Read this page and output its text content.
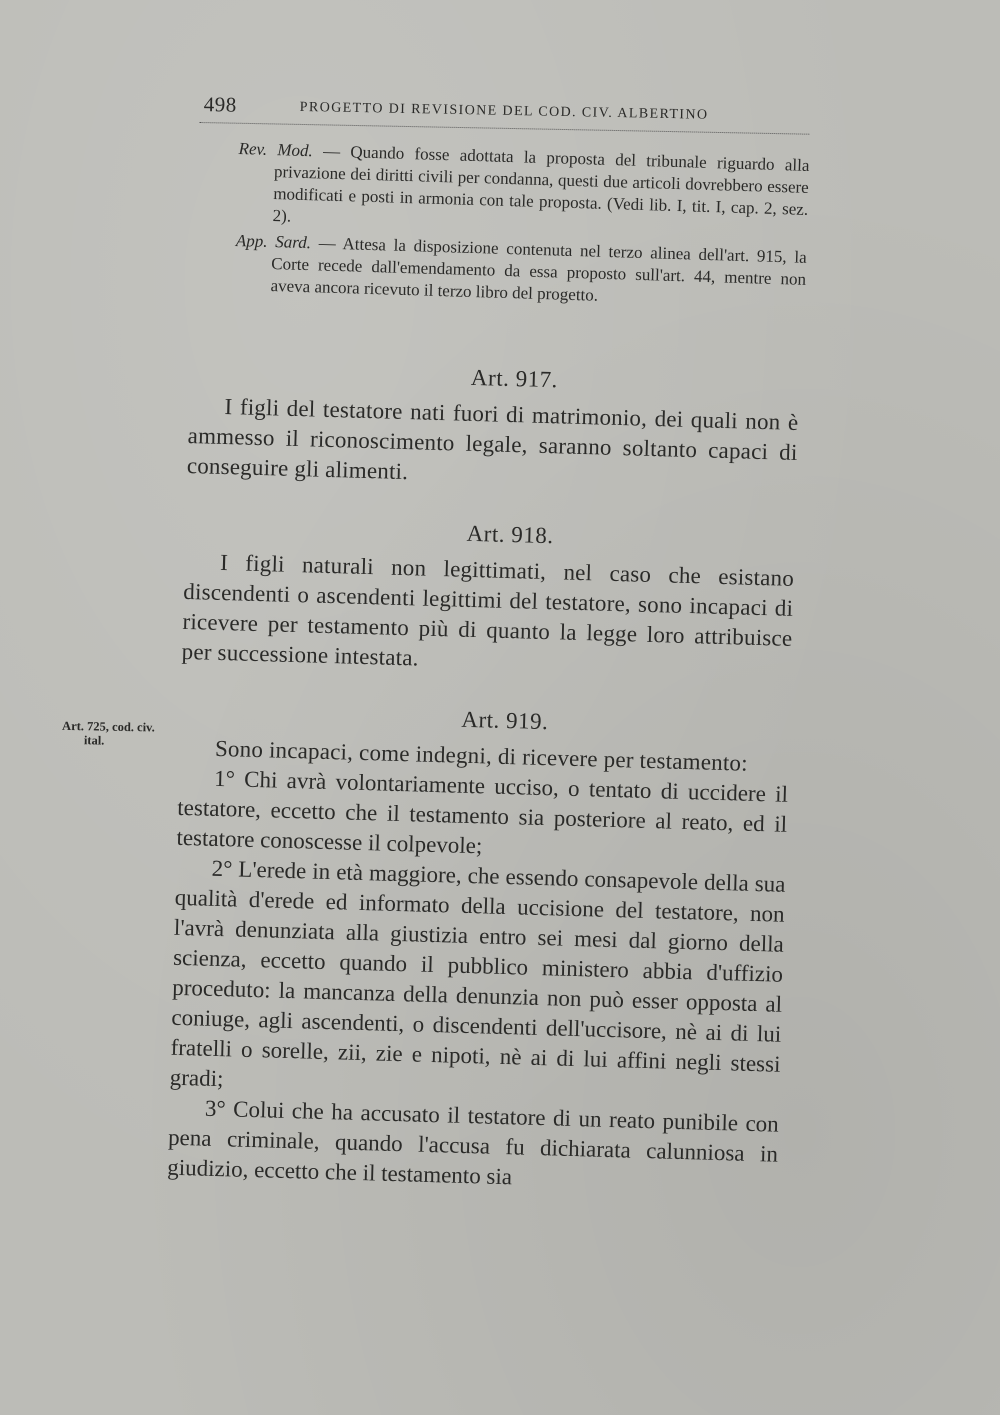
498	PROGETTO DI REVISIONE DEL COD. CIV. ALBERTINO

Rev. Mod. — Quando fosse adottata la proposta del tribunale riguardo alla privazione dei diritti civili per condanna, questi due articoli dovrebbero essere modificati e posti in armonia con tale proposta. (Vedi lib. I, tit. I, cap. 2, sez. 2).

App. Sard. — Attesa la disposizione contenuta nel terzo alinea dell'art. 915, la Corte recede dall'emendamento da essa proposto sull'art. 44, mentre non aveva ancora ricevuto il terzo libro del progetto.

Art. 725, cod. civ.
ital.
Art. 917.

I figli del testatore nati fuori di matrimonio, dei quali non è ammesso il riconoscimento legale, saranno soltanto capaci di conseguire gli alimenti.

Art. 918.

I figli naturali non legittimati, nel caso che esistano discendenti o ascendenti legittimi del testatore, sono incapaci di ricevere per testamento più di quanto la legge loro attribuisce per successione intestata.

Art. 919.

Sono incapaci, come indegni, di ricevere per testamento:

1° Chi avrà volontariamente ucciso, o tentato di uccidere il testatore, eccetto che il testamento sia posteriore al reato, ed il testatore conoscesse il colpevole;

2° L'erede in età maggiore, che essendo consapevole della sua qualità d'erede ed informato della uccisione del testatore, non l'avrà denunziata alla giustizia entro sei mesi dal giorno della scienza, eccetto quando il pubblico ministero abbia d'uffizio proceduto: la mancanza della denunzia non può esser opposta al coniuge, agli ascendenti, o discendenti dell'uccisore, nè ai di lui fratelli o sorelle, zii, zie e nipoti, nè ai di lui affini negli stessi gradi;

3° Colui che ha accusato il testatore di un reato punibile con pena criminale, quando l'accusa fu dichiarata calunniosa in giudizio, eccetto che il testamento sia
